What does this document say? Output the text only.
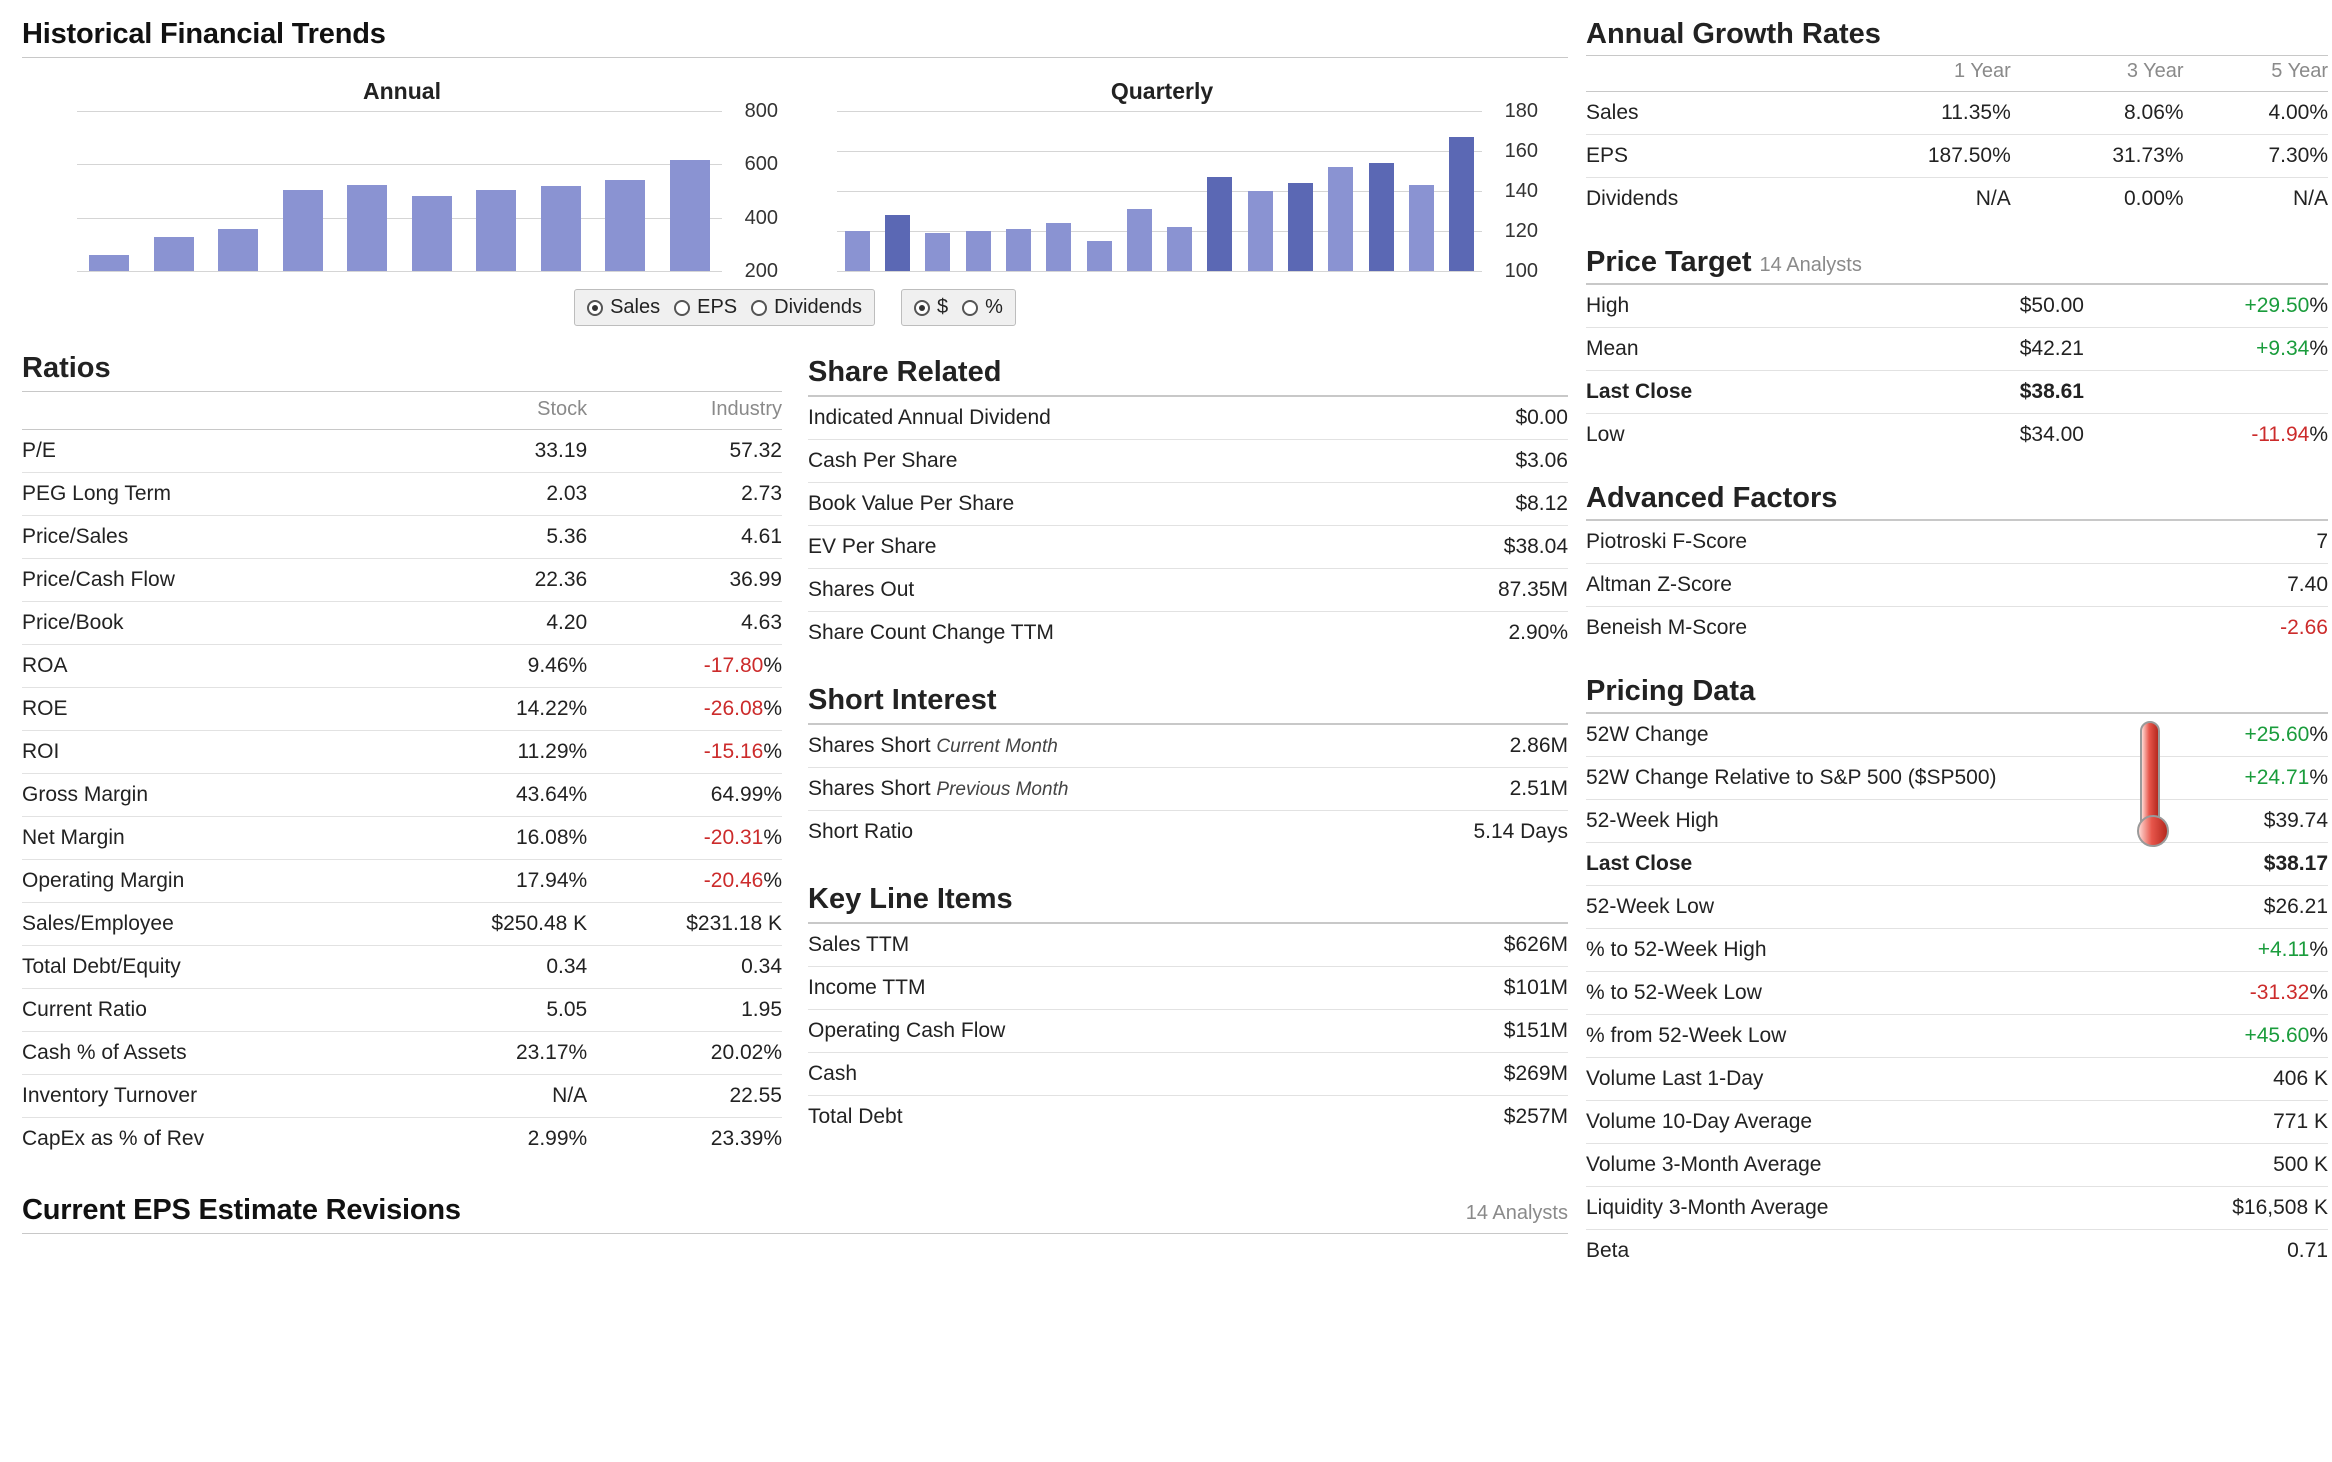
Historical Financial Trends
Annual
800
600
400
200
Quarterly
180
160
140
120
100
Sales EPS Dividends	$ %
Ratios
	Stock	Industry
P/E	33.19	57.32
PEG Long Term	2.03	2.73
Price/Sales	5.36	4.61
Price/Cash Flow	22.36	36.99
Price/Book	4.20	4.63
ROA	9.46%	-17.80%
ROE	14.22%	-26.08%
ROI	11.29%	-15.16%
Gross Margin	43.64%	64.99%
Net Margin	16.08%	-20.31%
Operating Margin	17.94%	-20.46%
Sales/Employee	$250.48 K	$231.18 K
Total Debt/Equity	0.34	0.34
Current Ratio	5.05	1.95
Cash % of Assets	23.17%	20.02%
Inventory Turnover	N/A	22.55
CapEx as % of Rev	2.99%	23.39%
Share Related
Indicated Annual Dividend	$0.00
Cash Per Share	$3.06
Book Value Per Share	$8.12
EV Per Share	$38.04
Shares Out	87.35M
Share Count Change TTM	2.90%
Short Interest
Shares Short Current Month	2.86M
Shares Short Previous Month	2.51M
Short Ratio	5.14 Days
Key Line Items
Sales TTM	$626M
Income TTM	$101M
Operating Cash Flow	$151M
Cash	$269M
Total Debt	$257M
Current EPS Estimate Revisions	14 Analysts
Annual Growth Rates
	1 Year	3 Year	5 Year
Sales	11.35%	8.06%	4.00%
EPS	187.50%	31.73%	7.30%
Dividends	N/A	0.00%	N/A
Price Target 14 Analysts
High	$50.00	+29.50%
Mean	$42.21	+9.34%
Last Close	$38.61	
Low	$34.00	-11.94%
Advanced Factors
Piotroski F-Score	7
Altman Z-Score	7.40
Beneish M-Score	-2.66
Pricing Data
52W Change	+25.60%
52W Change Relative to S&P 500 ($SP500)	+24.71%
52-Week High	$39.74
Last Close	$38.17
52-Week Low	$26.21
% to 52-Week High	+4.11%
% to 52-Week Low	-31.32%
% from 52-Week Low	+45.60%
Volume Last 1-Day	406 K
Volume 10-Day Average	771 K
Volume 3-Month Average	500 K
Liquidity 3-Month Average	$16,508 K
Beta	0.71
